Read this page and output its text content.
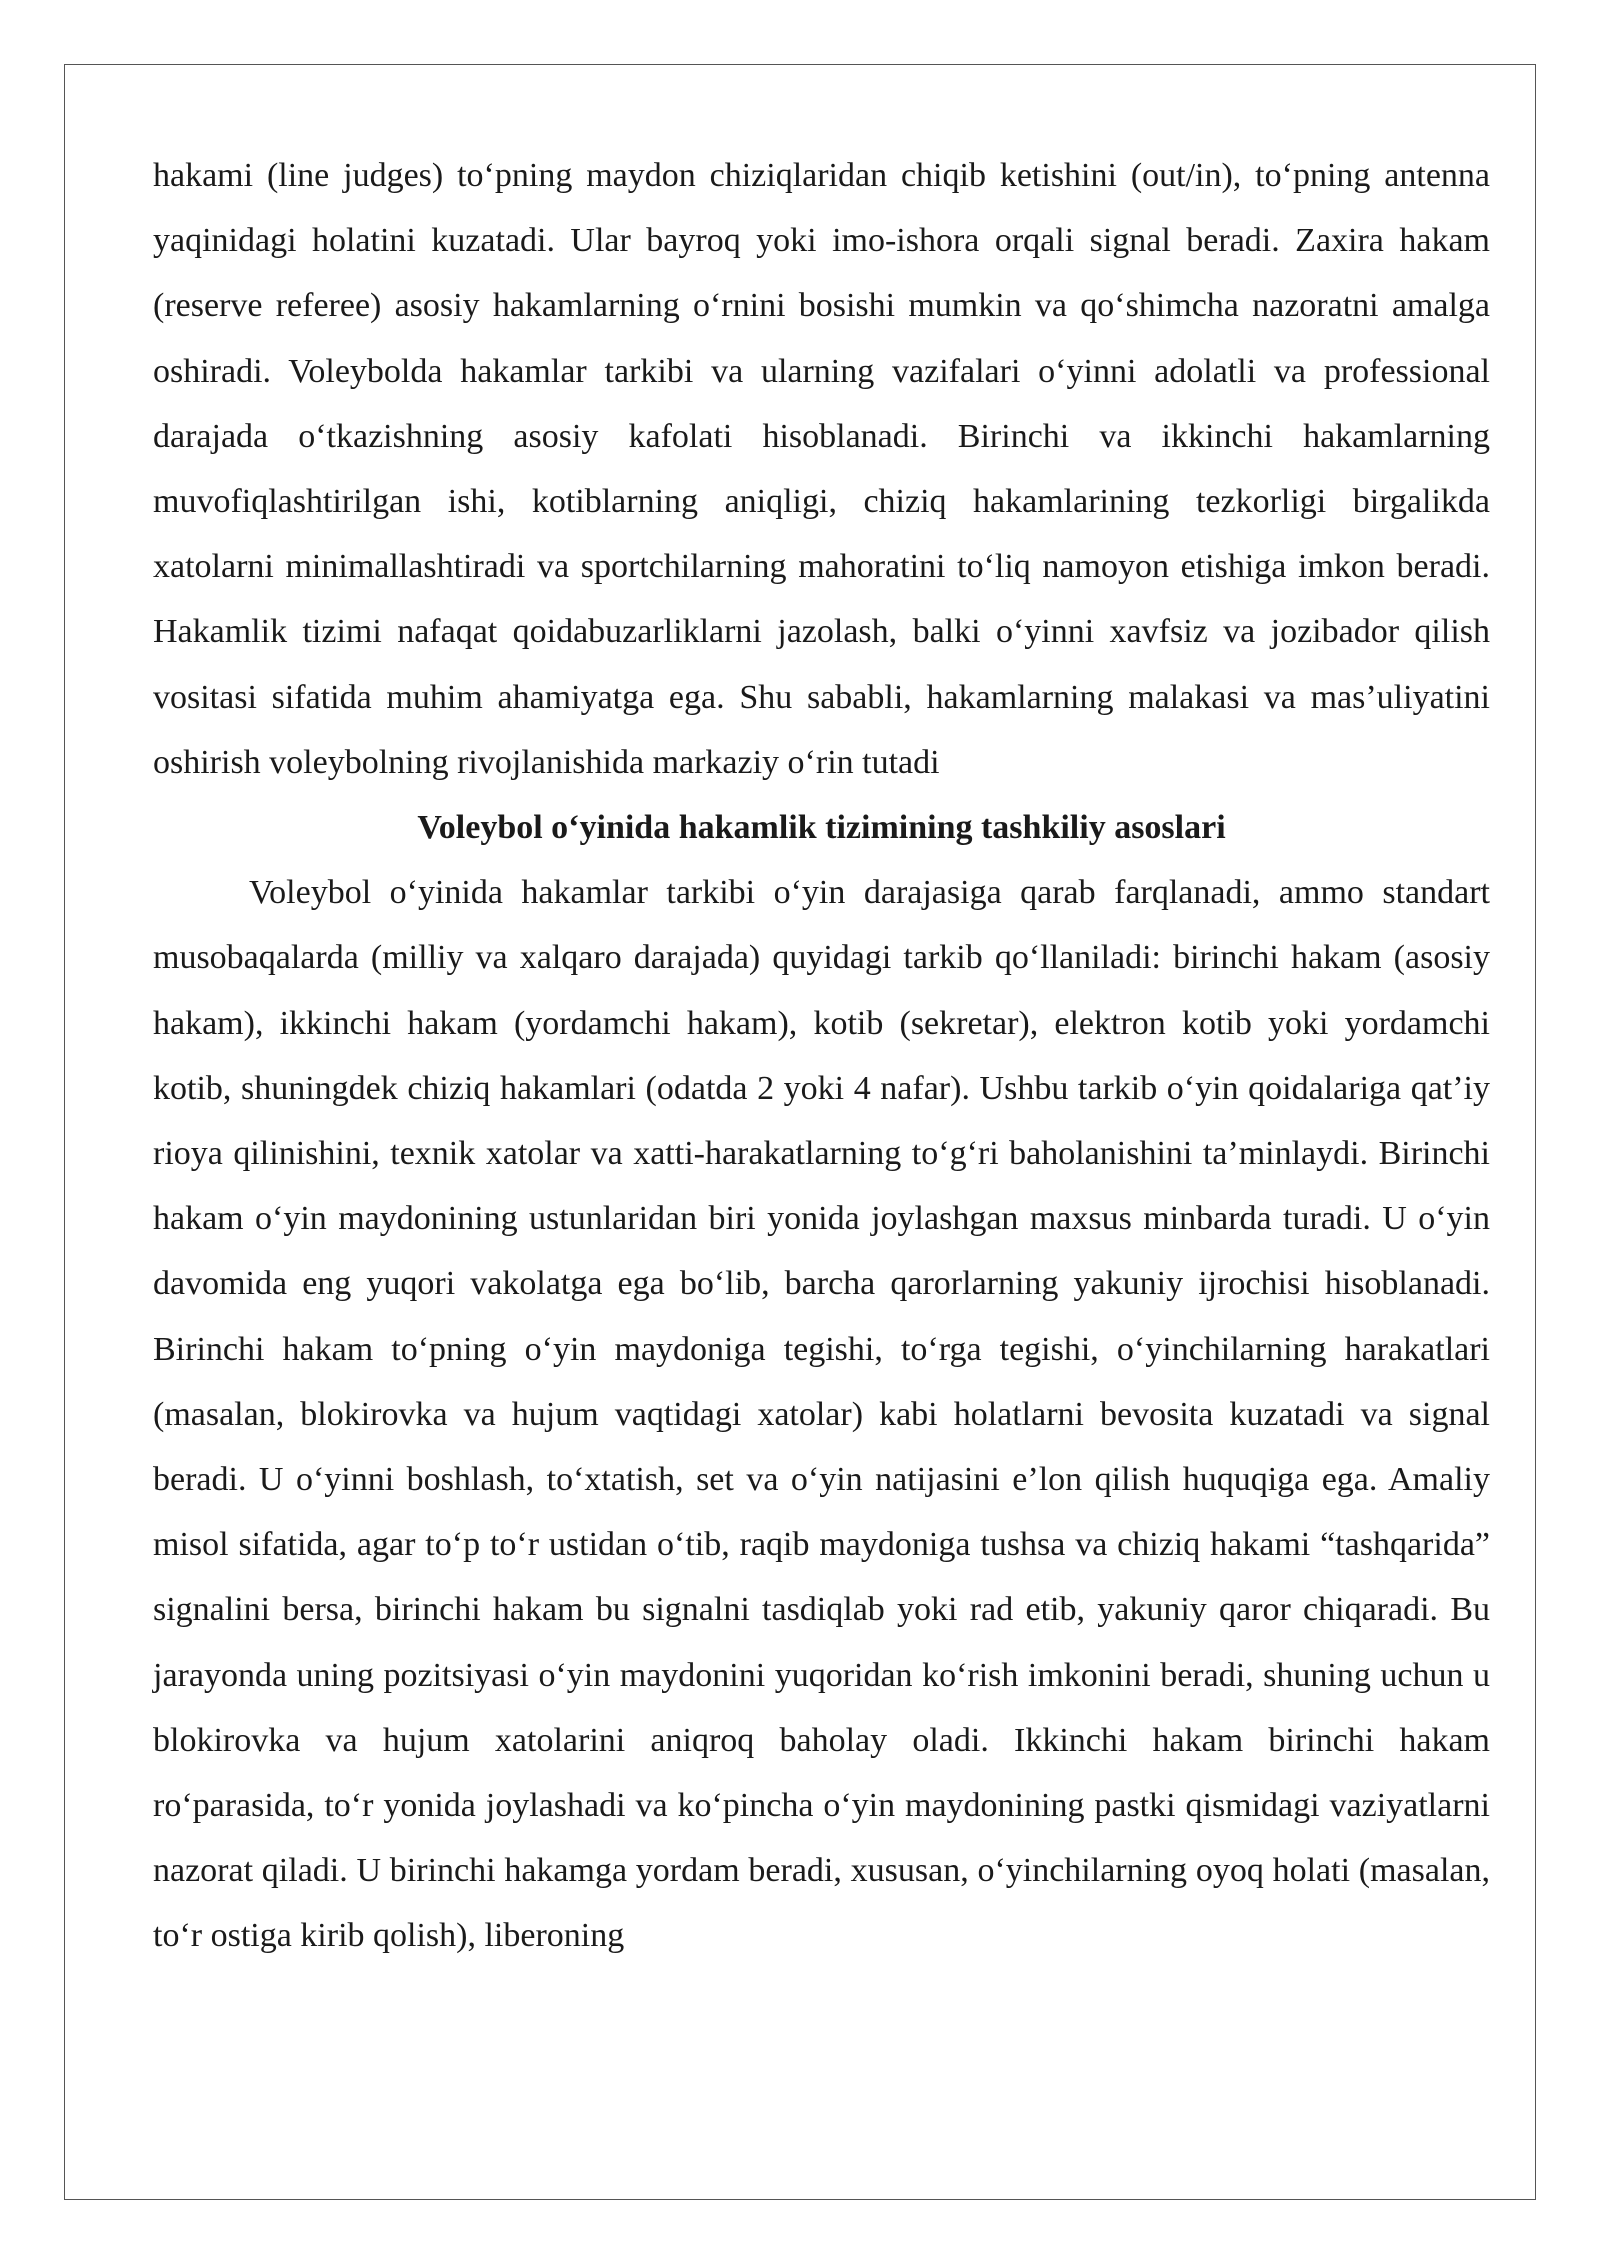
hakami (line judges) to‘pning maydon chiziqlaridan chiqib ketishini (out/in), to‘pning antenna yaqinidagi holatini kuzatadi. Ular bayroq yoki imo-ishora orqali signal beradi. Zaxira hakam (reserve referee) asosiy hakamlarning o‘rnini bosishi mumkin va qo‘shimcha nazoratni amalga oshiradi. Voleybolda hakamlar tarkibi va ularning vazifalari o‘yinni adolatli va professional darajada o‘tkazishning asosiy kafolati hisoblanadi. Birinchi va ikkinchi hakamlarning muvofiqlashtirilgan ishi, kotiblarning aniqligi, chiziq hakamlarining tezkorligi birgalikda xatolarni minimallashtiradi va sportchilarning mahoratini to‘liq namoyon etishiga imkon beradi. Hakamlik tizimi nafaqat qoidabuzarliklarni jazolash, balki o‘yinni xavfsiz va jozibador qilish vositasi sifatida muhim ahamiyatga ega. Shu sababli, hakamlarning malakasi va mas’uliyatini oshirish voleybolning rivojlanishida markaziy o‘rin tutadi

Voleybol o‘yinida hakamlik tizimining tashkiliy asoslari

Voleybol o‘yinida hakamlar tarkibi o‘yin darajasiga qarab farqlanadi, ammo standart musobaqalarda (milliy va xalqaro darajada) quyidagi tarkib qo‘llaniladi: birinchi hakam (asosiy hakam), ikkinchi hakam (yordamchi hakam), kotib (sekretar), elektron kotib yoki yordamchi kotib, shuningdek chiziq hakamlari (odatda 2 yoki 4 nafar). Ushbu tarkib o‘yin qoidalariga qat’iy rioya qilinishini, texnik xatolar va xatti-harakatlarning to‘g‘ri baholanishini ta’minlaydi. Birinchi hakam o‘yin maydonining ustunlaridan biri yonida joylashgan maxsus minbarda turadi. U o‘yin davomida eng yuqori vakolatga ega bo‘lib, barcha qarorlarning yakuniy ijrochisi hisoblanadi. Birinchi hakam to‘pning o‘yin maydoniga tegishi, to‘rga tegishi, o‘yinchilarning harakatlari (masalan, blokirovka va hujum vaqtidagi xatolar) kabi holatlarni bevosita kuzatadi va signal beradi. U o‘yinni boshlash, to‘xtatish, set va o‘yin natijasini e’lon qilish huquqiga ega. Amaliy misol sifatida, agar to‘p to‘r ustidan o‘tib, raqib maydoniga tushsa va chiziq hakami “tashqarida” signalini bersa, birinchi hakam bu signalni tasdiqlab yoki rad etib, yakuniy qaror chiqaradi. Bu jarayonda uning pozitsiyasi o‘yin maydonini yuqoridan ko‘rish imkonini beradi, shuning uchun u blokirovka va hujum xatolarini aniqroq baholay oladi. Ikkinchi hakam birinchi hakam ro‘parasida, to‘r yonida joylashadi va ko‘pincha o‘yin maydonining pastki qismidagi vaziyatlarni nazorat qiladi. U birinchi hakamga yordam beradi, xususan, o‘yinchilarning oyoq holati (masalan, to‘r ostiga kirib qolish), liberoning
